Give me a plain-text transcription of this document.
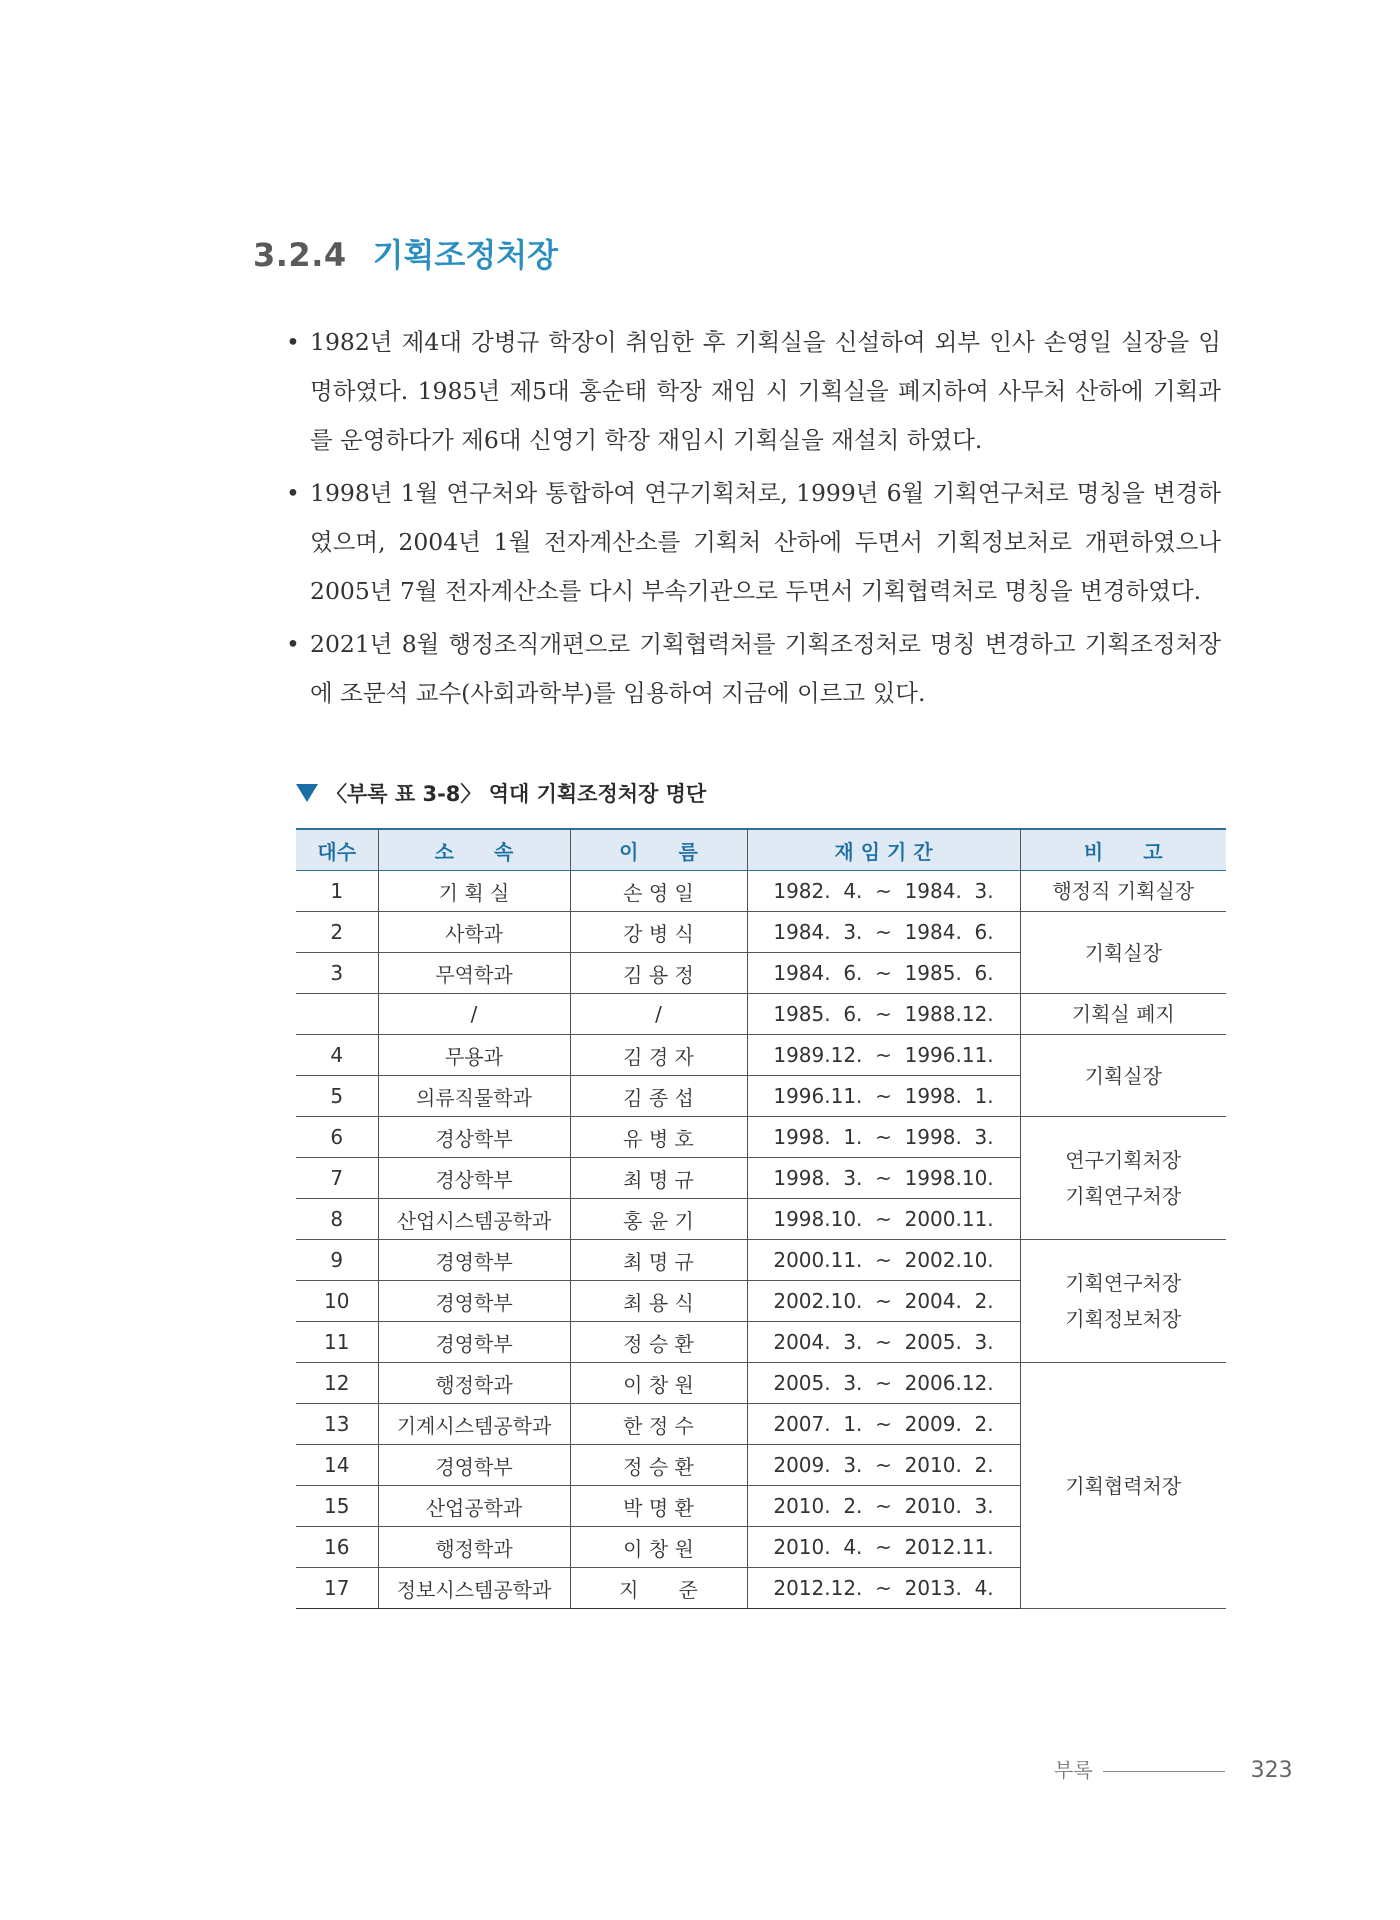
3.2.4 기획조정처장
• 1982년 제4대 강병규 학장이 취임한 후 기획실을 신설하여 외부 인사 손영일 실장을 임명하였다. 1985년 제5대 홍순태 학장 재임 시 기획실을 폐지하여 사무처 산하에 기획과를 운영하다가 제6대 신영기 학장 재임시 기획실을 재설치 하였다.
• 1998년 1월 연구처와 통합하여 연구기획처로, 1999년 6월 기획연구처로 명칭을 변경하였으며, 2004년 1월 전자계산소를 기획처 산하에 두면서 기획정보처로 개편하였으나 2005년 7월 전자계산소를 다시 부속기관으로 두면서 기획협력처로 명칭을 변경하였다.
• 2021년 8월 행정조직개편으로 기획협력처를 기획조정처로 명칭 변경하고 기획조정처장에 조문석 교수(사회과학부)를 임용하여 지금에 이르고 있다.
〈부록 표 3-8〉 역대 기획조정처장 명단
대수	소　　속	이　　름	재 임 기 간	비　　고
1	기 획 실	손 영 일	1982.  4.  ~  1984.  3.	행정직 기획실장

2	사학과	강 병 식	1984.  3.  ~  1984.  6.	기획실장

3	무역학과	김 용 정	1984.  6.  ~  1985.  6.	
	/	/	1985.  6.  ~  1988.12.	기획실 폐지

4	무용과	김 경 자	1989.12.  ~  1996.11.	기획실장

5	의류직물학과	김 종 섭	1996.11.  ~  1998.  1.	
6	경상학부	유 병 호	1998.  1.  ~  1998.  3.	연구기획처장
기획연구처장

7	경상학부	최 명 규	1998.  3.  ~  1998.10.	
8	산업시스템공학과	홍 윤 기	1998.10.  ~  2000.11.	
9	경영학부	최 명 규	2000.11.  ~  2002.10.	기획연구처장
기획정보처장

10	경영학부	최 용 식	2002.10.  ~  2004.  2.	
11	경영학부	정 승 환	2004.  3.  ~  2005.  3.	
12	행정학과	이 창 원	2005.  3.  ~  2006.12.	기획협력처장

13	기계시스템공학과	한 정 수	2007.  1.  ~  2009.  2.	
14	경영학부	정 승 환	2009.  3.  ~  2010.  2.	
15	산업공학과	박 명 환	2010.  2.  ~  2010.  3.	
16	행정학과	이 창 원	2010.  4.  ~  2012.11.	
17	정보시스템공학과	지　　준	2012.12.  ~  2013.  4.	
부록	323
